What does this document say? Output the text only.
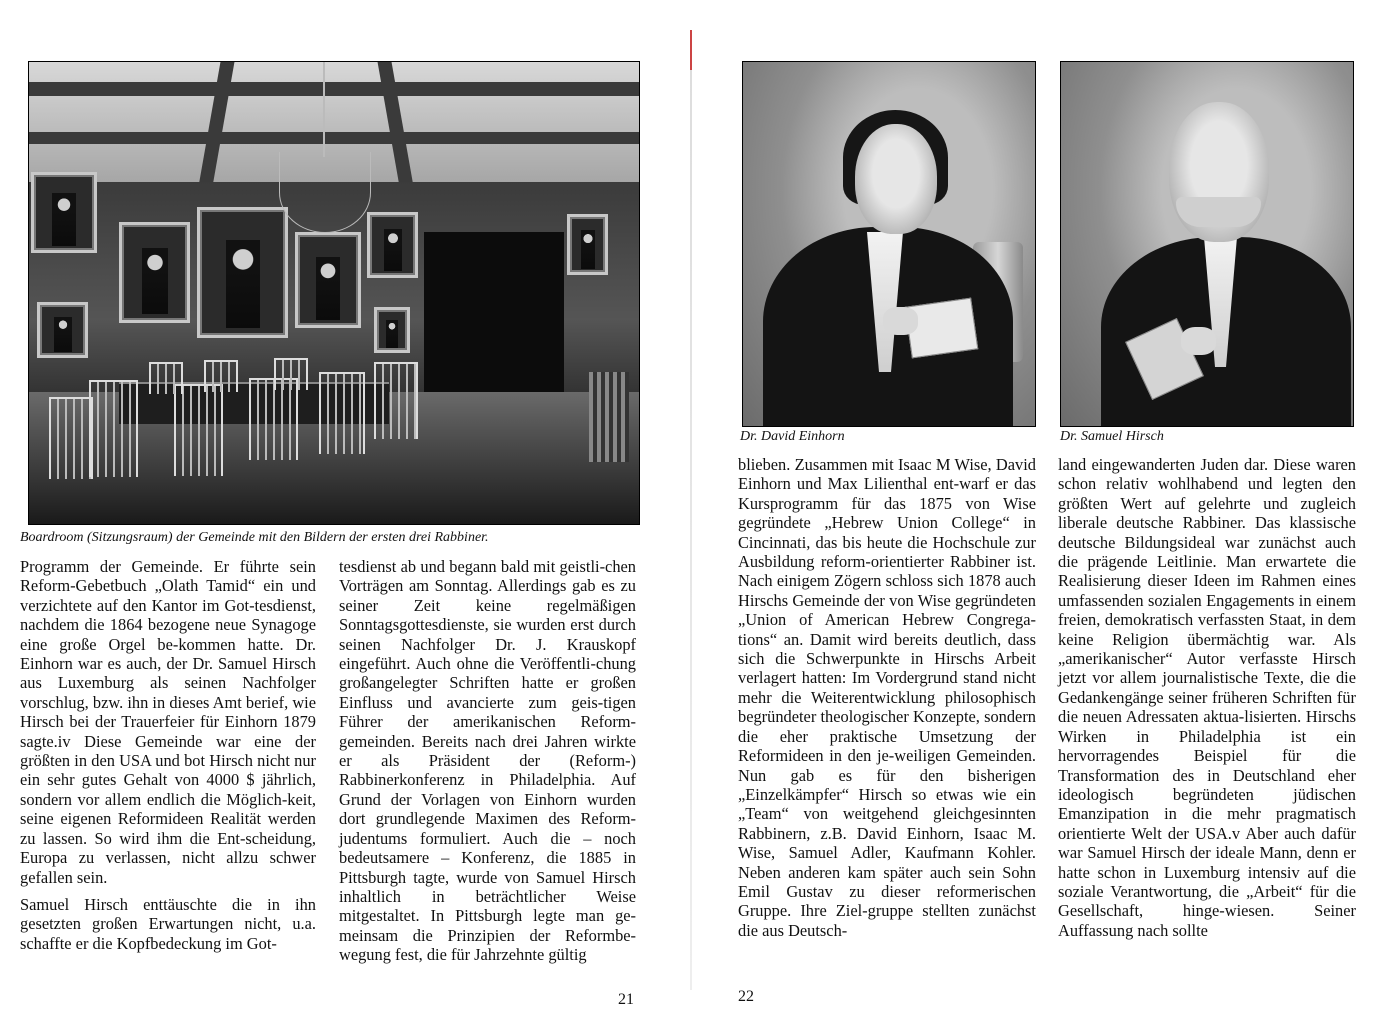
Boardroom (Sitzungsraum) der Gemeinde mit den Bildern der ersten drei Rabbiner.

Programm der Gemeinde. Er führte sein Reform-Gebetbuch „Olath Tamid“ ein und verzichtete auf den Kantor im Got-tesdienst, nachdem die 1864 bezogene neue Synagoge eine große Orgel be-kommen hatte. Dr. Einhorn war es auch, der Dr. Samuel Hirsch aus Luxemburg als seinen Nachfolger vorschlug, bzw. ihn in dieses Amt berief, wie Hirsch bei der Trauerfeier für Einhorn 1879 sagte.iv Diese Gemeinde war eine der größten in den USA und bot Hirsch nicht nur ein sehr gutes Gehalt von 4000 $ jährlich, sondern vor allem endlich die Möglich-keit, seine eigenen Reformideen Realität werden zu lassen. So wird ihm die Ent-scheidung, Europa zu verlassen, nicht allzu schwer gefallen sein.

Samuel Hirsch enttäuschte die in ihn gesetzten großen Erwartungen nicht, u.a. schaffte er die Kopfbedeckung im Got-

tesdienst ab und begann bald mit geistli-chen Vorträgen am Sonntag. Allerdings gab es zu seiner Zeit keine regelmäßigen Sonntagsgottesdienste, sie wurden erst durch seinen Nachfolger Dr. J. Krauskopf eingeführt. Auch ohne die Veröffentli-chung großangelegter Schriften hatte er großen Einfluss und avancierte zum geis-tigen Führer der amerikanischen Reform-gemeinden. Bereits nach drei Jahren wirkte er als Präsident der (Reform-) Rabbinerkonferenz in Philadelphia. Auf Grund der Vorlagen von Einhorn wurden dort grundlegende Maximen des Reform-judentums formuliert. Auch die – noch bedeutsamere – Konferenz, die 1885 in Pittsburgh tagte, wurde von Samuel Hirsch inhaltlich in beträchtlicher Weise mitgestaltet. In Pittsburgh legte man ge-meinsam die Prinzipien der Reformbe-wegung fest, die für Jahrzehnte gültig

21
Dr. David Einhorn	Dr. Samuel Hirsch

blieben. Zusammen mit Isaac M Wise, David Einhorn und Max Lilienthal ent-warf er das Kursprogramm für das 1875 von Wise gegründete „Hebrew Union College“ in Cincinnati, das bis heute die Hochschule zur Ausbildung reform-orientierter Rabbiner ist. Nach einigem Zögern schloss sich 1878 auch Hirschs Gemeinde der von Wise gegründeten „Union of American Hebrew Congrega-tions“ an. Damit wird bereits deutlich, dass sich die Schwerpunkte in Hirschs Arbeit verlagert hatten: Im Vordergrund stand nicht mehr die Weiterentwicklung philosophisch begründeter theologischer Konzepte, sondern die eher praktische Umsetzung der Reformideen in den je-weiligen Gemeinden. Nun gab es für den bisherigen „Einzelkämpfer“ Hirsch so etwas wie ein „Team“ von weitgehend gleichgesinnten Rabbinern, z.B. David Einhorn, Isaac M. Wise, Samuel Adler, Kaufmann Kohler. Neben anderen kam später auch sein Sohn Emil Gustav zu dieser reformerischen Gruppe. Ihre Ziel-gruppe stellten zunächst die aus Deutsch-

land eingewanderten Juden dar. Diese waren schon relativ wohlhabend und legten den größten Wert auf gelehrte und zugleich liberale deutsche Rabbiner. Das klassische deutsche Bildungsideal war zunächst auch die prägende Leitlinie. Man erwartete die Realisierung dieser Ideen im Rahmen eines umfassenden sozialen Engagements in einem freien, demokratisch verfassten Staat, in dem keine Religion übermächtig war. Als „amerikanischer“ Autor verfasste Hirsch jetzt vor allem journalistische Texte, die die Gedankengänge seiner früheren Schriften für die neuen Adressaten aktua-lisierten. Hirschs Wirken in Philadelphia ist ein hervorragendes Beispiel für die Transformation des in Deutschland eher ideologisch begründeten jüdischen Emanzipation in die mehr pragmatisch orientierte Welt der USA.v Aber auch dafür war Samuel Hirsch der ideale Mann, denn er hatte schon in Luxemburg intensiv auf die soziale Verantwortung, die „Arbeit“ für die Gesellschaft, hinge-wiesen. Seiner Auffassung nach sollte

22
